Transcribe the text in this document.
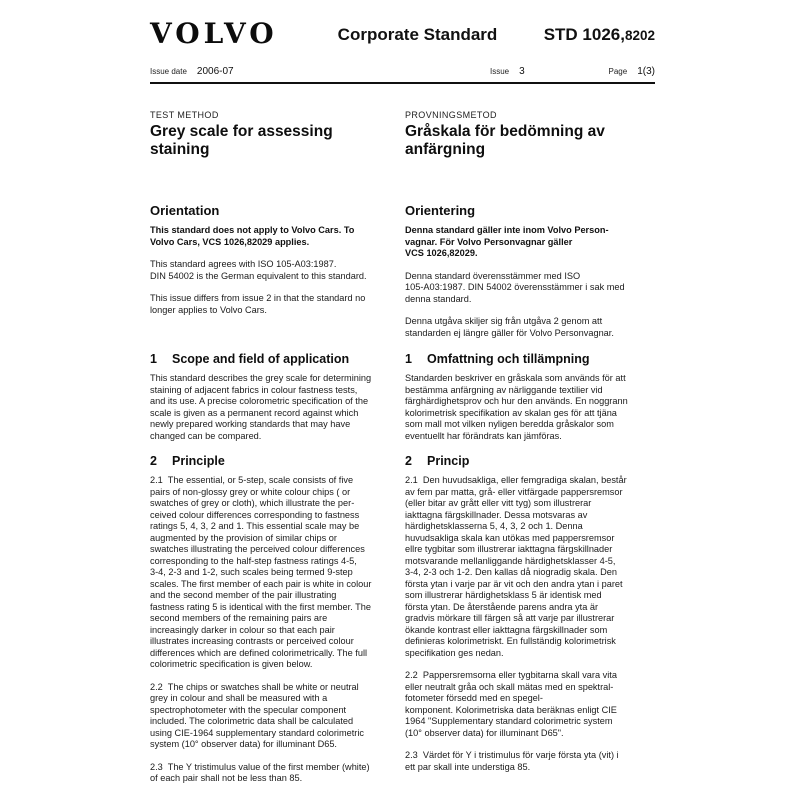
VOLVO	Corporate Standard	STD 1026,8202
Issue date 2006-07	Issue 3	Page 1(3)
TEST METHOD
Grey scale for assessing
staining
PROVNINGSMETOD
Gråskala för bedömning av
anfärgning
Orientation

This standard does not apply to Volvo Cars. To
Volvo Cars, VCS 1026,82029 applies.

This standard agrees with ISO 105-A03:1987.
DIN 54002 is the German equivalent to this standard.

This issue differs from issue 2 in that the standard no
longer applies to Volvo Cars.

Orientering

Denna standard gäller inte inom Volvo Person-
vagnar. För Volvo Personvagnar gäller
VCS 1026,82029.

Denna standard överensstämmer med ISO
105-A03:1987. DIN 54002 överensstämmer i sak med
denna standard.

Denna utgåva skiljer sig från utgåva 2 genom att
standarden ej längre gäller för Volvo Personvagnar.

1 Scope and field of application

This standard describes the grey scale for determining
staining of adjacent fabrics in colour fastness tests,
and its use. A precise colorometric specification of the
scale is given as a permanent record against which
newly prepared working standards that may have
changed can be compared.

1 Omfattning och tillämpning

Standarden beskriver en gråskala som används för att
bestämma anfärgning av närliggande textilier vid
färghärdighetsprov och hur den används. En noggrann
kolorimetrisk specifikation av skalan ges för att tjäna
som mall mot vilken nyligen beredda gråskalor som
eventuellt har förändrats kan jämföras.

2 Principle

2.1  The essential, or 5-step, scale consists of five
pairs of non-glossy grey or white colour chips ( or
swatches of grey or cloth), which illustrate the per-
ceived colour differences corresponding to fastness
ratings 5, 4, 3, 2 and 1. This essential scale may be
augmented by the provision of similar chips or
swatches illustrating the perceived colour differences
corresponding to the half-step fastness ratings 4-5,
3-4, 2-3 and 1-2, such scales being termed 9-step
scales. The first member of each pair is white in colour
and the second member of the pair illustrating
fastness rating 5 is identical with the first member. The
second members of the remaining pairs are
increasingly darker in colour so that each pair
illustrates increasing contrasts or perceived colour
differences which are defined colorimetrically. The full
colorimetric specification is given below.

2.2  The chips or swatches shall be white or neutral
grey in colour and shall be measured with a
spectrophotometer with the specular component
included. The colorimetric data shall be calculated
using CIE-1964 supplementary standard colorimetric
system (10° observer data) for illuminant D65.

2.3  The Y tristimulus value of the first member (white)
of each pair shall not be less than 85.

2 Princip

2.1  Den huvudsakliga, eller femgradiga skalan, består
av fem par matta, grå- eller vitfärgade pappersremsor
(eller bitar av grått eller vitt tyg) som illustrerar
iakttagna färgskillnader. Dessa motsvaras av
härdighetsklasserna 5, 4, 3, 2 och 1. Denna
huvudsakliga skala kan utökas med pappersremsor
ellre tygbitar som illustrerar iakttagna färgskillnader
motsvarande mellanliggande härdighetsklasser 4-5,
3-4, 2-3 och 1-2. Den kallas då niogradig skala. Den
första ytan i varje par är vit och den andra ytan i paret
som illustrerar härdighetsklass 5 är identisk med
första ytan. De återstående parens andra yta är
gradvis mörkare till färgen så att varje par illustrerar
ökande kontrast eller iakttagna färgskillnader som
definieras kolorimetriskt. En fullständig kolorimetrisk
specifikation ges nedan.

2.2  Pappersremsorna eller tygbitarna skall vara vita
eller neutralt gråa och skall mätas med en spektral-
fotometer försedd med en spegel-
komponent. Kolorimetriska data beräknas enligt CIE
1964 "Supplementary standard colorimetric system
(10° observer data) for illuminant D65".

2.3  Värdet för Y i tristimulus för varje första yta (vit) i
ett par skall inte understiga 85.
